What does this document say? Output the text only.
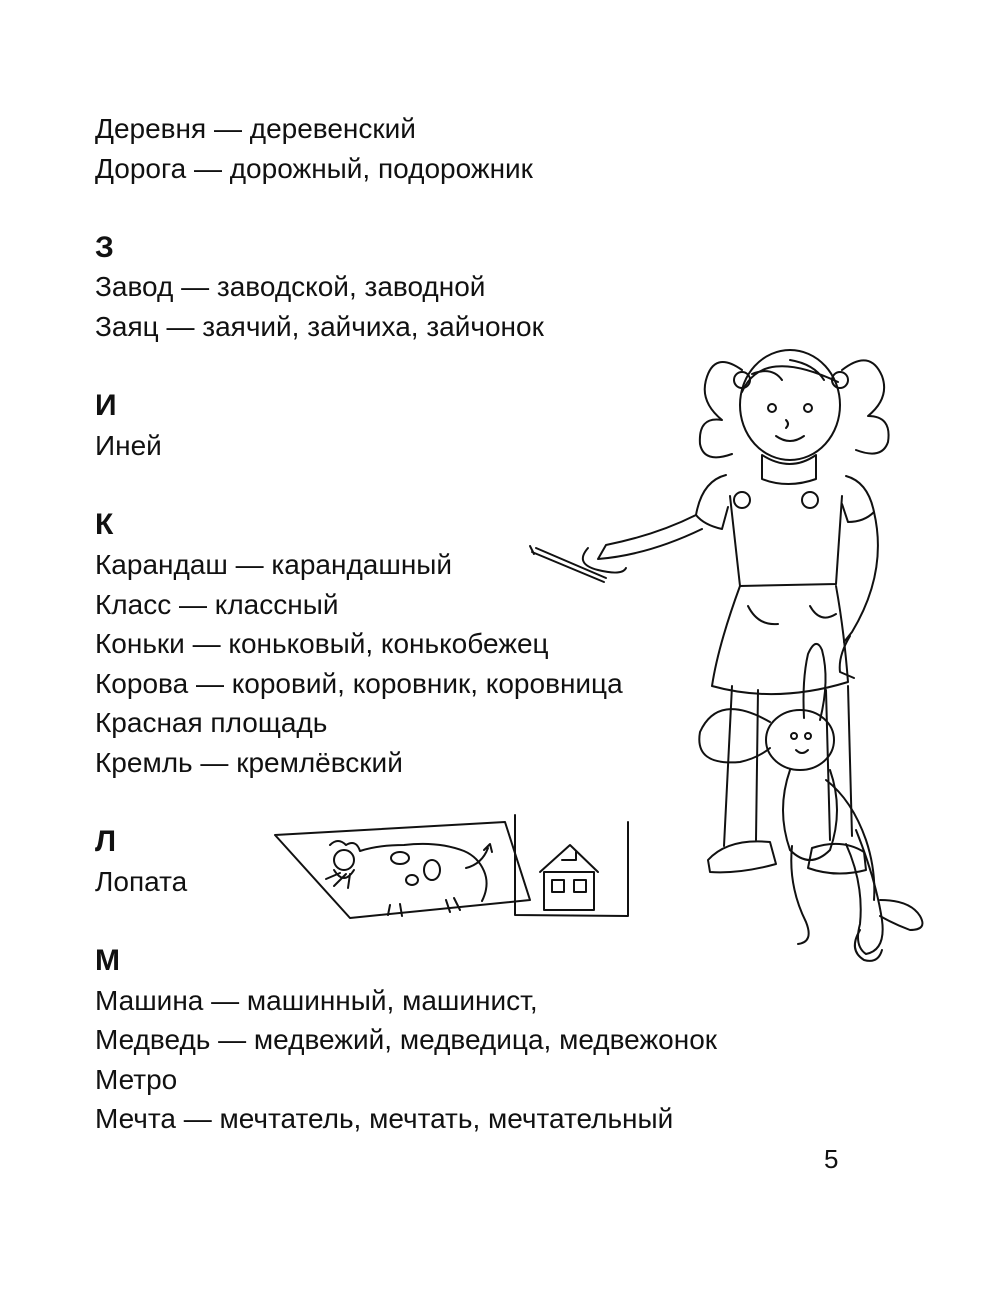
Деревня — деревенский
Дорога — дорожный, подорожник
З
Завод — заводской, заводной
Заяц — заячий, зайчиха, зайчонок
И
Иней
К
Карандаш — карандашный
Класс — классный
Коньки — коньковый, конькобежец
Корова — коровий, коровник, коровница
Красная площадь
Кремль — кремлёвский
Л
Лопата
М
Машина — машинный, машинист,
Медведь — медвежий, медведица, медвежонок
Метро
Мечта — мечтатель, мечтать, мечтательный
5
